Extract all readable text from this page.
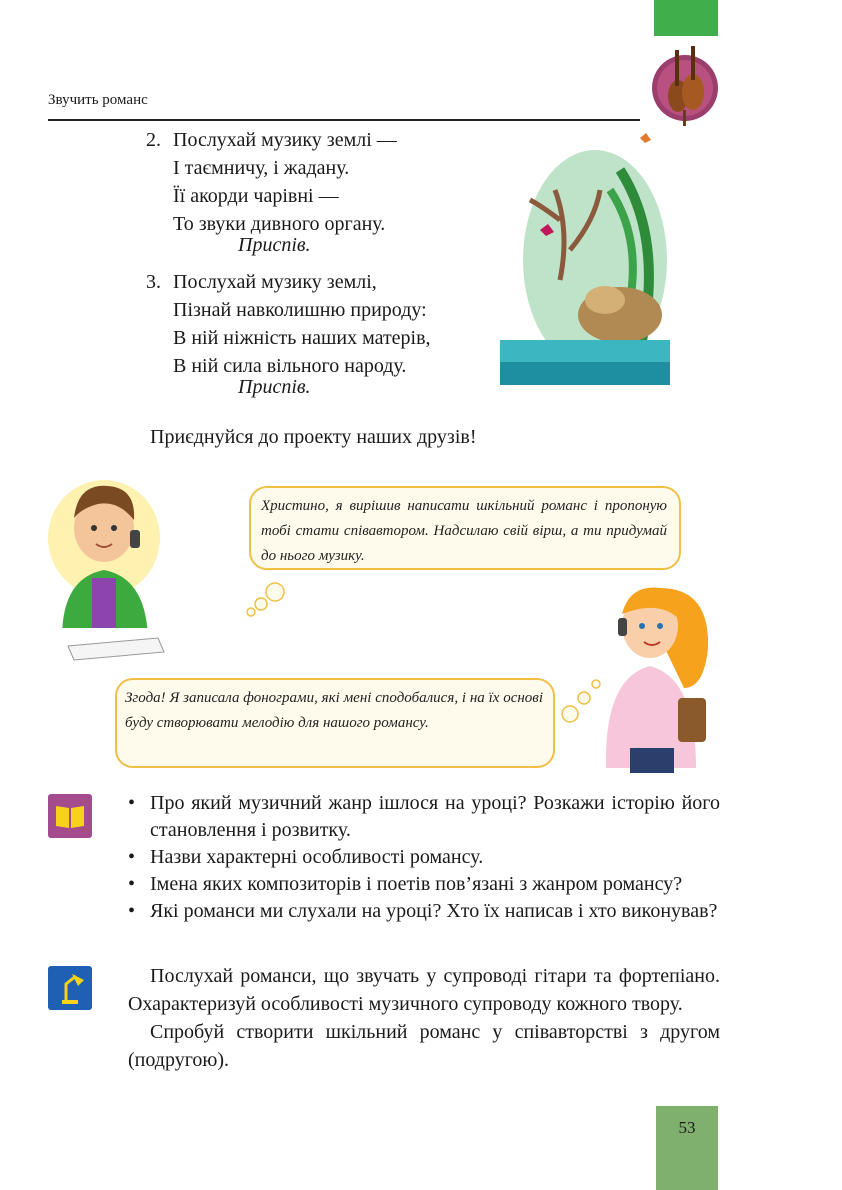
Звучить романс
2. Послухай музику землі —
І таємничу, і жадану.
Її акорди чарівні —
То звуки дивного органу.
Приспів.
3. Послухай музику землі,
Пізнай навколишню природу:
В ній ніжність наших матерів,
В ній сила вільного народу.
Приспів.
Приєднуйся до проекту наших друзів!
Христино, я вирішив написати шкільний романс і пропоную тобі стати співавтором. Надсилаю свій вірш, а ти придумай до нього музику.
Згода! Я записала фонограми, які мені сподобалися, і на їх основі буду створювати мелодію для нашого романсу.
• Про який музичний жанр ішлося на уроці? Розкажи історію його становлення і розвитку.
• Назви характерні особливості романсу.
• Імена яких композиторів і поетів пов’язані з жанром романсу?
• Які романси ми слухали на уроці? Хто їх написав і хто виконував?

Послухай романси, що звучать у супроводі гітари та фортепіано. Охарактеризуй особливості музичного супроводу кожного твору.

Спробуй створити шкільний романс у співавторстві з другом (подругою).

53
